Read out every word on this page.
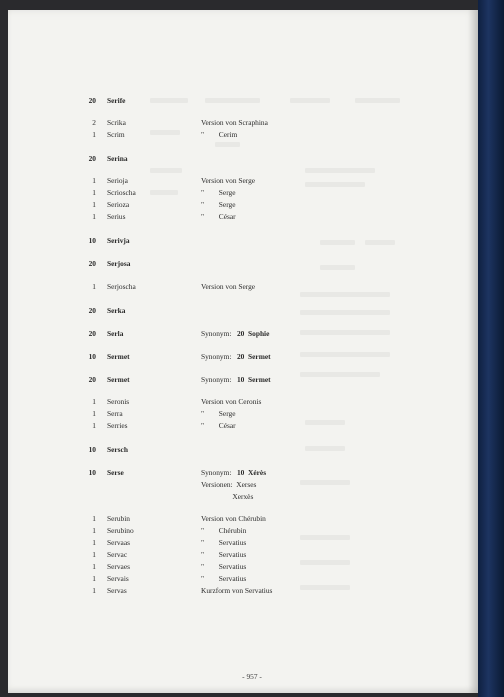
20 Serife
2 Scrika	Version von Scraphina
1 Scrim	"        Cerim
20 Serina
1 Serioja	Version von Serge
1 Scrioscha	"        Serge
1 Serioza	"        Serge
1 Serius	"        César
10 Serivja
20 Serjosa
1 Serjoscha	Version von Serge
20 Serka
20 Serla	Synonym:   20  Sophie
10 Sermet	Synonym:   20  Sermet
20 Sermet	Synonym:   10  Sermet
1 Seronis	Version von Ceronis
1 Serra	"        Serge
1 Serries	"        César
10 Sersch
10 Serse	Synonym:   10  Xérès
Versionen:  Xerses
Xerxès
1 Serubin	Version von Chérubin
1 Serubino	"        Chérubin
1 Servaas	"        Servatius
1 Servac	"        Servatius
1 Servaes	"        Servatius
1 Servais	"        Servatius
1 Servas	Kurzform von Servatius
- 957 -
